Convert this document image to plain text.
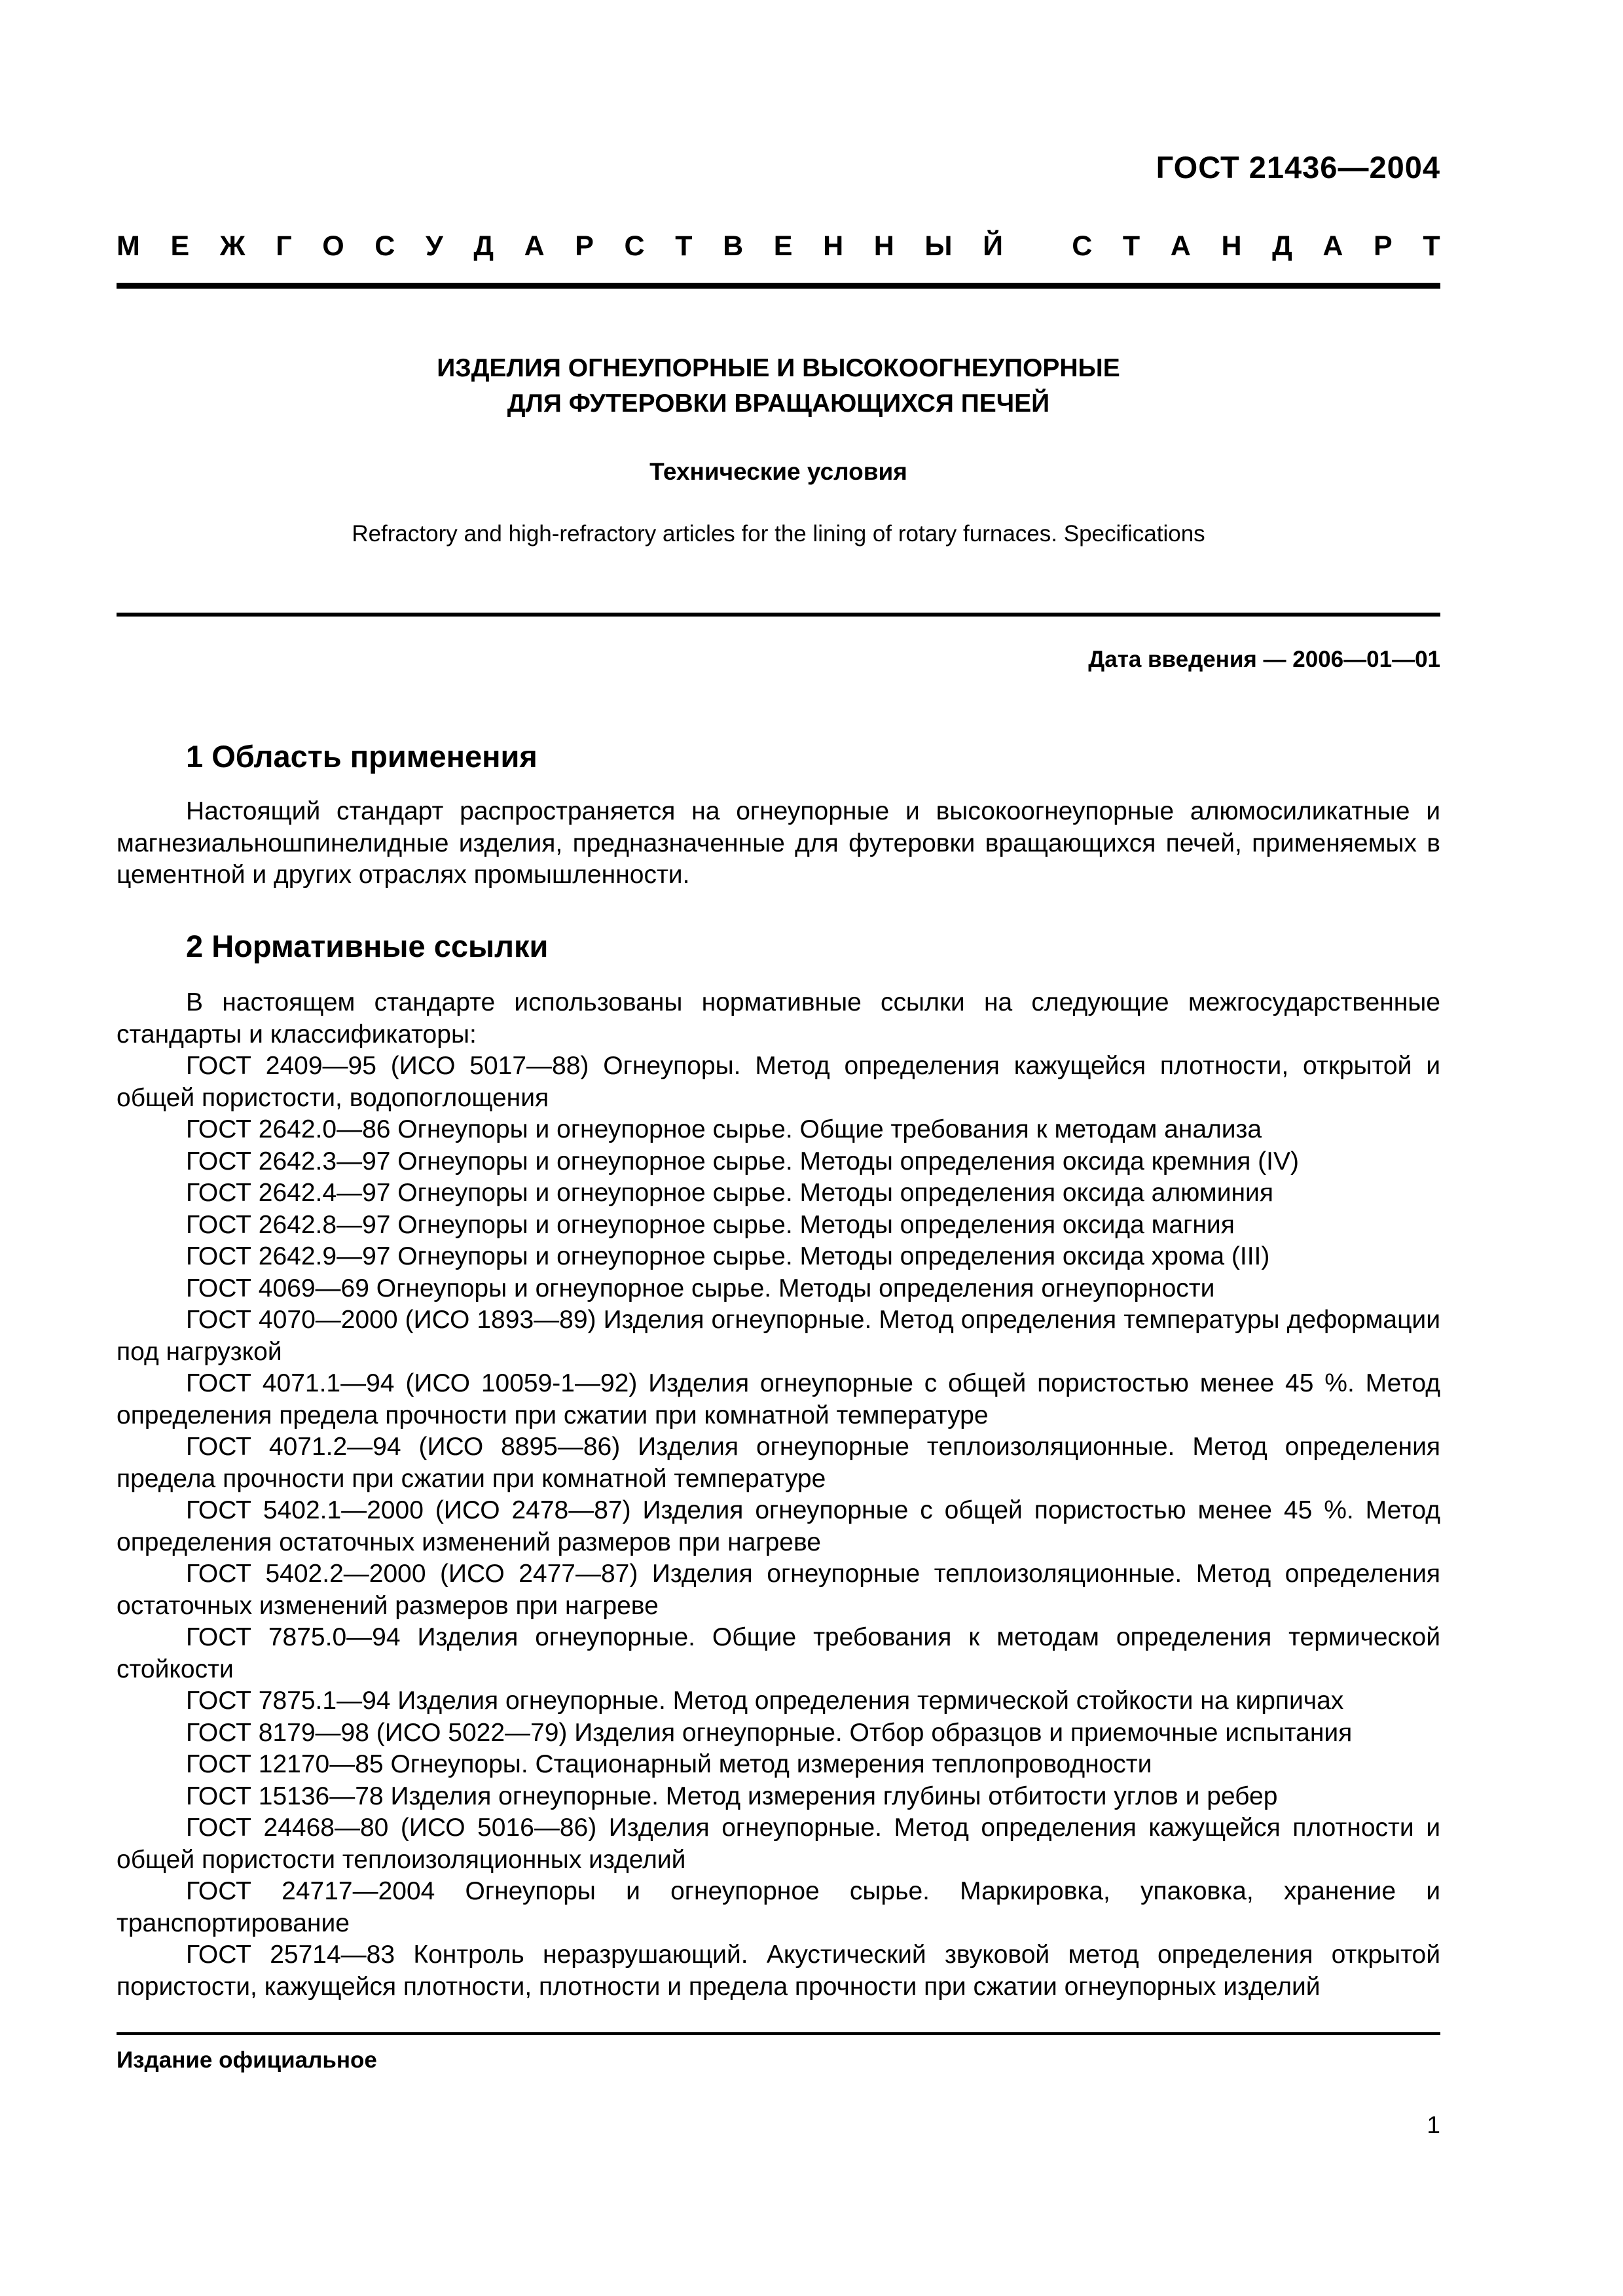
ГОСТ 21436—2004
М Е Ж Г О С У Д А Р С Т В Е Н Н Ы Й
С Т А Н Д А Р Т
ИЗДЕЛИЯ ОГНЕУПОРНЫЕ И ВЫСОКООГНЕУПОРНЫЕ
ДЛЯ ФУТЕРОВКИ ВРАЩАЮЩИХСЯ ПЕЧЕЙ
Технические условия
Refractory and high-refractory articles for the lining of rotary furnaces. Specifications
Дата введения — 2006—01—01
1 Область применения

Настоящий стандарт распространяется на огнеупорные и высокоогнеупорные алюмосиликатные и магнезиальношпинелидные изделия, предназначенные для футеровки вращающихся печей, применяемых в цементной и других отраслях промышленности.

2 Нормативные ссылки

В настоящем стандарте использованы нормативные ссылки на следующие межгосударственные стандарты и классификаторы:

ГОСТ 2409—95 (ИСО 5017—88) Огнеупоры. Метод определения кажущейся плотности, открытой и общей пористости, водопоглощения

ГОСТ 2642.0—86 Огнеупоры и огнеупорное сырье. Общие требования к методам анализа

ГОСТ 2642.3—97 Огнеупоры и огнеупорное сырье. Методы определения оксида кремния (IV)

ГОСТ 2642.4—97 Огнеупоры и огнеупорное сырье. Методы определения оксида алюминия

ГОСТ 2642.8—97 Огнеупоры и огнеупорное сырье. Методы определения оксида магния

ГОСТ 2642.9—97 Огнеупоры и огнеупорное сырье. Методы определения оксида хрома (III)

ГОСТ 4069—69 Огнеупоры и огнеупорное сырье. Методы определения огнеупорности

ГОСТ 4070—2000 (ИСО 1893—89) Изделия огнеупорные. Метод определения температуры деформации под нагрузкой

ГОСТ 4071.1—94 (ИСО 10059-1—92) Изделия огнеупорные с общей пористостью менее 45 %. Метод определения предела прочности при сжатии при комнатной температуре

ГОСТ 4071.2—94 (ИСО 8895—86) Изделия огнеупорные теплоизоляционные. Метод определения предела прочности при сжатии при комнатной температуре

ГОСТ 5402.1—2000 (ИСО 2478—87) Изделия огнеупорные с общей пористостью менее 45 %. Метод определения остаточных изменений размеров при нагреве

ГОСТ 5402.2—2000 (ИСО 2477—87) Изделия огнеупорные теплоизоляционные. Метод определения остаточных изменений размеров при нагреве

ГОСТ 7875.0—94 Изделия огнеупорные. Общие требования к методам определения термической стойкости

ГОСТ 7875.1—94 Изделия огнеупорные. Метод определения термической стойкости на кирпичах

ГОСТ 8179—98 (ИСО 5022—79) Изделия огнеупорные. Отбор образцов и приемочные испытания

ГОСТ 12170—85 Огнеупоры. Стационарный метод измерения теплопроводности

ГОСТ 15136—78 Изделия огнеупорные. Метод измерения глубины отбитости углов и ребер

ГОСТ 24468—80 (ИСО 5016—86) Изделия огнеупорные. Метод определения кажущейся плотности и общей пористости теплоизоляционных изделий

ГОСТ 24717—2004 Огнеупоры и огнеупорное сырье. Маркировка, упаковка, хранение и транспортирование

ГОСТ 25714—83 Контроль неразрушающий. Акустический звуковой метод определения открытой пористости, кажущейся плотности, плотности и предела прочности при сжатии огнеупорных изделий

Издание официальное
1
